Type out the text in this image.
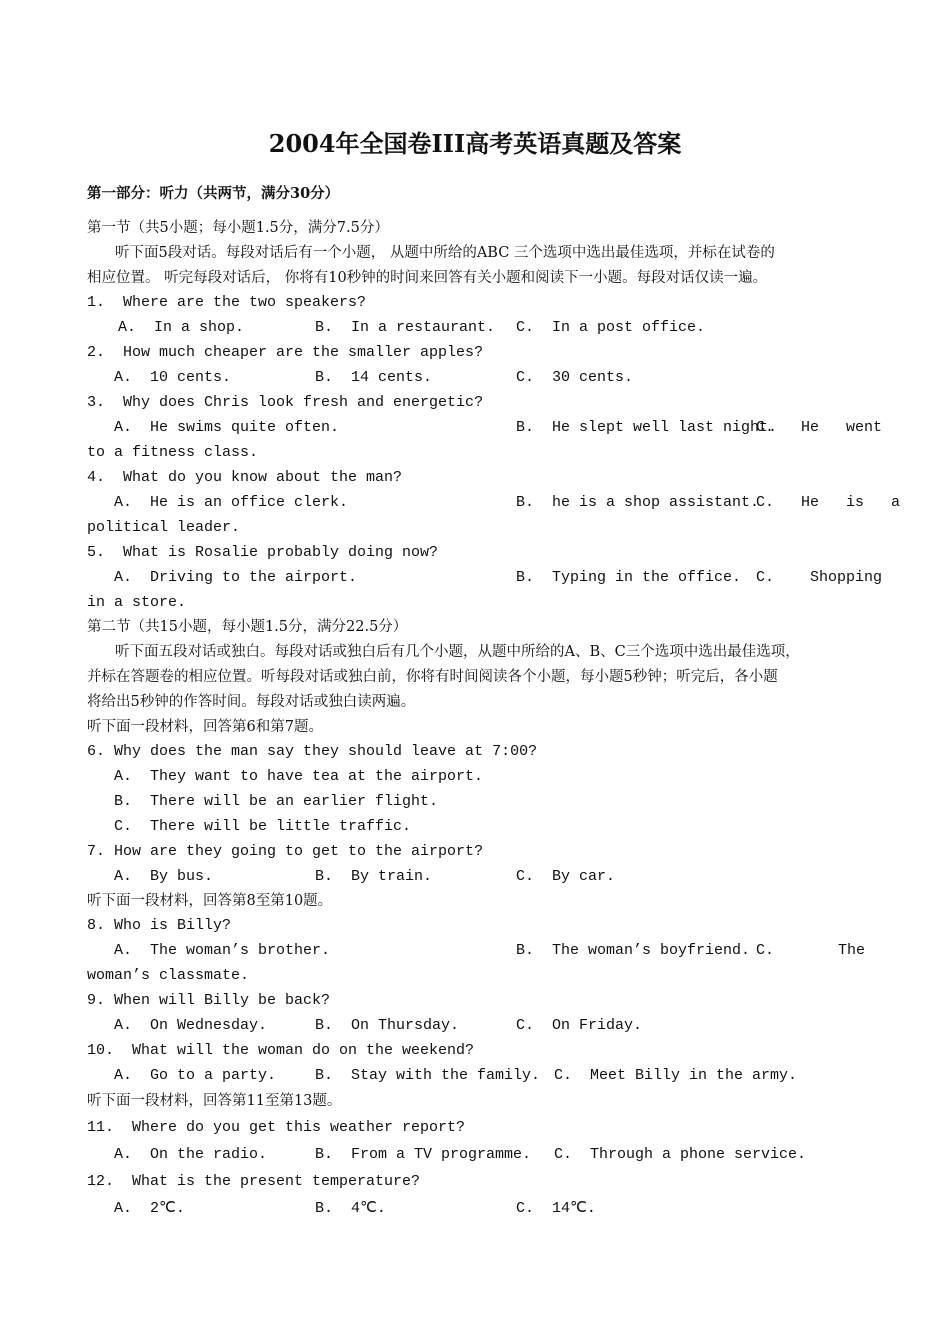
2004年全国卷III高考英语真题及答案
第一部分：听力（共两节，满分30分）
第一节（共5小题；每小题1.5分，满分7.5分）
听下面5段对话。每段对话后有一个小题， 从题中所给的ABC 三个选项中选出最佳选项，并标在试卷的
相应位置。 听完每段对话后， 你将有10秒钟的时间来回答有关小题和阅读下一小题。每段对话仅读一遍。
1.  Where are the two speakers?
A.  In a shop.	B.  In a restaurant. C.  In a post office.
2.  How much cheaper are the smaller apples?
A.  10 cents.	B.  14 cents.	C.  30 cents.
3.  Why does Chris look fresh and energetic?
A.  He swims quite often.	B.  He slept well last night.
C.   He   went
to a fitness class.
4.  What do you know about the man?
A.  He is an office clerk.	B.  he is a shop assistant.
C.   He   is   a
political leader.
5.  What is Rosalie probably doing now?
A.  Driving to the airport.	B.  Typing in the office. C.    Shopping
in a store.
第二节（共15小题，每小题1.5分，满分22.5分）
听下面五段对话或独白。每段对话或独白后有几个小题，从题中所给的A、B、C三个选项中选出最佳选项，
并标在答题卷的相应位置。听每段对话或独白前，你将有时间阅读各个小题，每小题5秒钟；听完后，各小题
将给出5秒钟的作答时间。每段对话或独白读两遍。
听下面一段材料，回答第6和第7题。
6. Why does the man say they should leave at 7:00?
A.  They want to have tea at the airport.
B.  There will be an earlier flight.
C.  There will be little traffic.
7. How are they going to get to the airport?
A.  By bus.	B.  By train.	C.  By car.
听下面一段材料，回答第8至第10题。
8. Who is Billy?
A.  The woman’s brother.	B.  The woman’s boyfriend. C.	The
woman’s classmate.
9. When will Billy be back?
A.  On Wednesday.	B.  On Thursday.	C.  On Friday.
10.  What will the woman do on the weekend?
A.  Go to a party.	B.  Stay with the family. C.  Meet Billy in the army.
听下面一段材料，回答第11至第13题。
11.  Where do you get this weather report?
A.  On the radio.	B.  From a TV programme. C.  Through a phone service.
12.  What is the present temperature?
A.  2℃.	B.  4℃.	C.  14℃.
